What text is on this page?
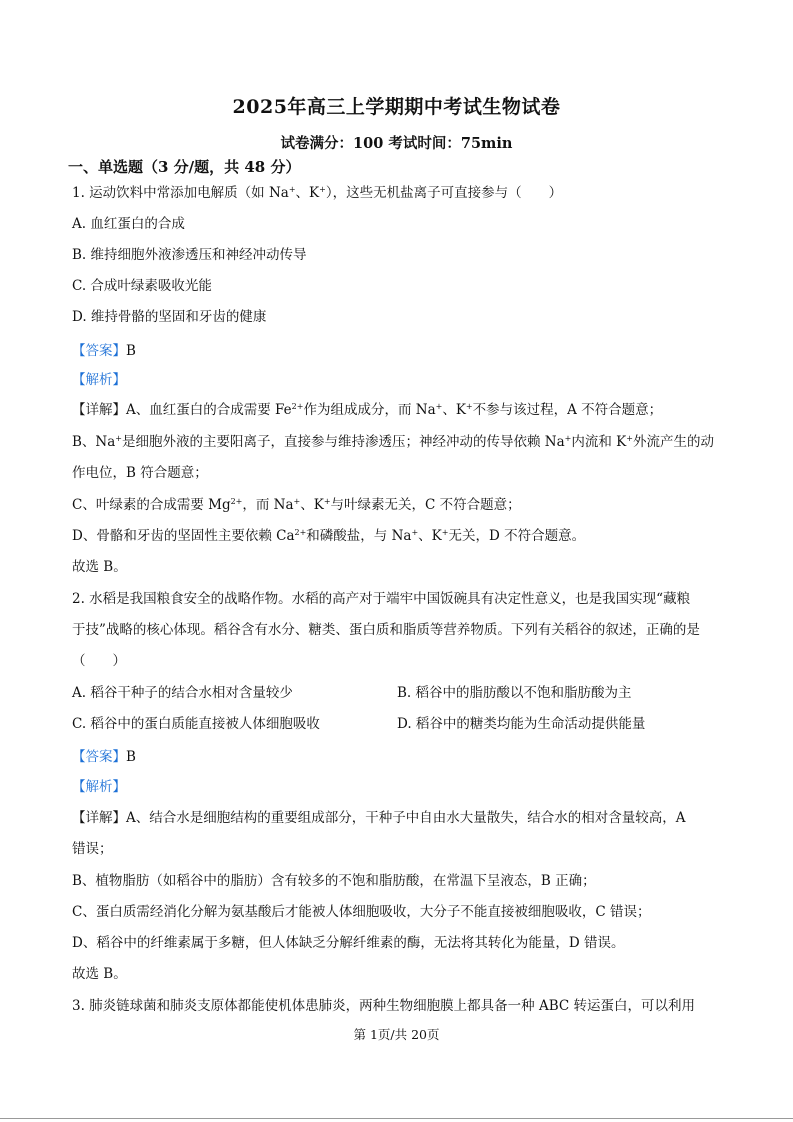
2025年高三上学期期中考试生物试卷
试卷满分：100 考试时间：75min
一、单选题（3 分/题，共 48 分）
1. 运动饮料中常添加电解质（如 Na+、K+），这些无机盐离子可直接参与（　　）
A. 血红蛋白的合成
B. 维持细胞外液渗透压和神经冲动传导
C. 合成叶绿素吸收光能
D. 维持骨骼的坚固和牙齿的健康
【答案】B
【解析】
【详解】A、血红蛋白的合成需要 $Fe^{2+}$作为组成成分，而 Na+、K+不参与该过程，A 不符合题意；
B、Na+是细胞外液的主要阳离子，直接参与维持渗透压；神经冲动的传导依赖 Na+内流和 K+外流产生的动
作电位，B 符合题意；
C、叶绿素的合成需要 $Mg^{2+}$，而 Na+、K+与叶绿素无关，C 不符合题意；
D、骨骼和牙齿的坚固性主要依赖 $Ca^{2+}$和磷酸盐，与 Na+、K+无关，D 不符合题意。
故选 B。
2. 水稻是我国粮食安全的战略作物。水稻的高产对于端牢中国饭碗具有决定性意义，也是我国实现“藏粮
于技”战略的核心体现。稻谷含有水分、糖类、蛋白质和脂质等营养物质。下列有关稻谷的叙述，正确的是
（　　）
A. 稻谷干种子的结合水相对含量较少	B. 稻谷中的脂肪酸以不饱和脂肪酸为主
C. 稻谷中的蛋白质能直接被人体细胞吸收	D. 稻谷中的糖类均能为生命活动提供能量
【答案】B
【解析】
【详解】A、结合水是细胞结构的重要组成部分，干种子中自由水大量散失，结合水的相对含量较高，A
错误；
B、植物脂肪（如稻谷中的脂肪）含有较多的不饱和脂肪酸，在常温下呈液态，B 正确；
C、蛋白质需经消化分解为氨基酸后才能被人体细胞吸收，大分子不能直接被细胞吸收，C 错误；
D、稻谷中的纤维素属于多糖，但人体缺乏分解纤维素的酶，无法将其转化为能量，D 错误。
故选 B。
3. 肺炎链球菌和肺炎支原体都能使机体患肺炎，两种生物细胞膜上都具备一种 ABC 转运蛋白，可以利用
第 1页/共 20页
